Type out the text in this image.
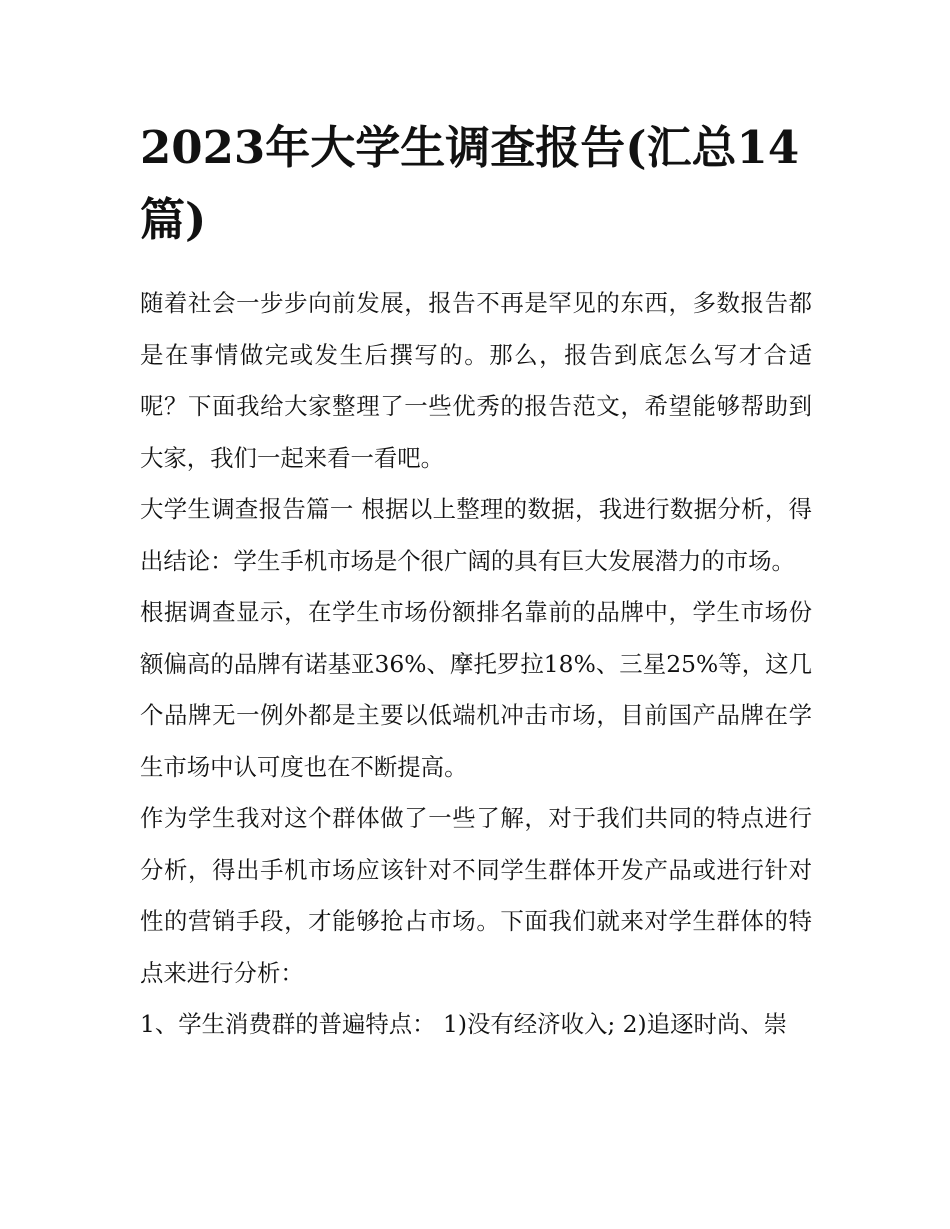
2023年大学生调查报告(汇总14篇)

随着社会一步步向前发展，报告不再是罕见的东西，多数报告都是在事情做完或发生后撰写的。那么，报告到底怎么写才合适呢？下面我给大家整理了一些优秀的报告范文，希望能够帮助到大家，我们一起来看一看吧。

大学生调查报告篇一 根据以上整理的数据，我进行数据分析，得出结论：学生手机市场是个很广阔的具有巨大发展潜力的市场。

根据调查显示，在学生市场份额排名靠前的品牌中，学生市场份额偏高的品牌有诺基亚36%、摩托罗拉18%、三星25%等，这几个品牌无一例外都是主要以低端机冲击市场，目前国产品牌在学生市场中认可度也在不断提高。

作为学生我对这个群体做了一些了解，对于我们共同的特点进行分析，得出手机市场应该针对不同学生群体开发产品或进行针对性的营销手段，才能够抢占市场。下面我们就来对学生群体的特点来进行分析：

1、学生消费群的普遍特点： 1)没有经济收入; 2)追逐时尚、崇
